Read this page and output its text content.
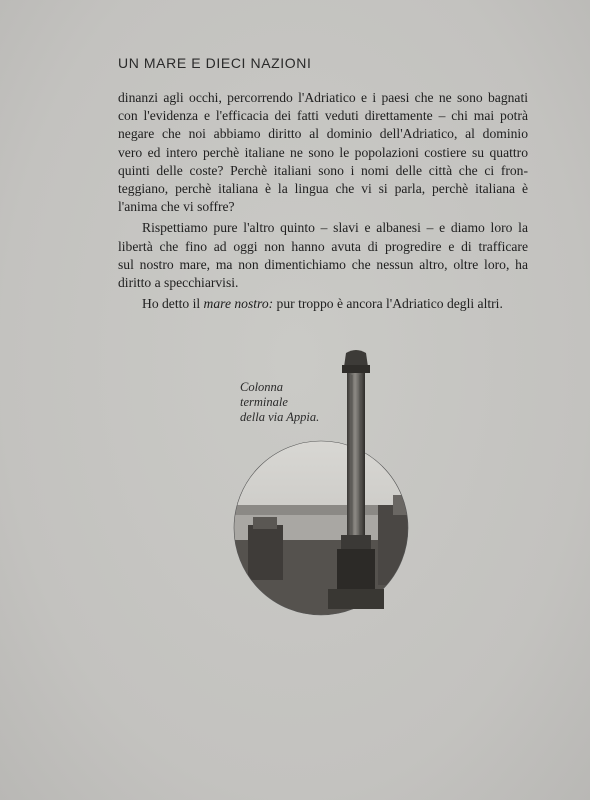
UN MARE E DIECI NAZIONI

dinanzi agli occhi, percorrendo l'Adriatico e i paesi che ne sono bagnati
con l'evidenza e l'efficacia dei fatti veduti direttamente – chi mai potrà
negare che noi abbiamo diritto al dominio dell'Adriatico, al dominio
vero ed intero perchè italiane ne sono le popolazioni costiere su quattro
quinti delle coste? Perchè italiani sono i nomi delle città che ci fron-
teggiano, perchè italiana è la lingua che vi si parla, perchè italiana è
l'anima che vi soffre?

Rispettiamo pure l'altro quinto – slavi e albanesi – e diamo loro la
libertà che fino ad oggi non hanno avuta di progredire e di trafficare
sul nostro mare, ma non dimentichiamo che nessun altro, oltre loro, ha
diritto a specchiarvisi.

Ho detto il mare nostro: pur troppo è ancora l'Adriatico degli altri.

Colonna
terminale
della via Appia.
